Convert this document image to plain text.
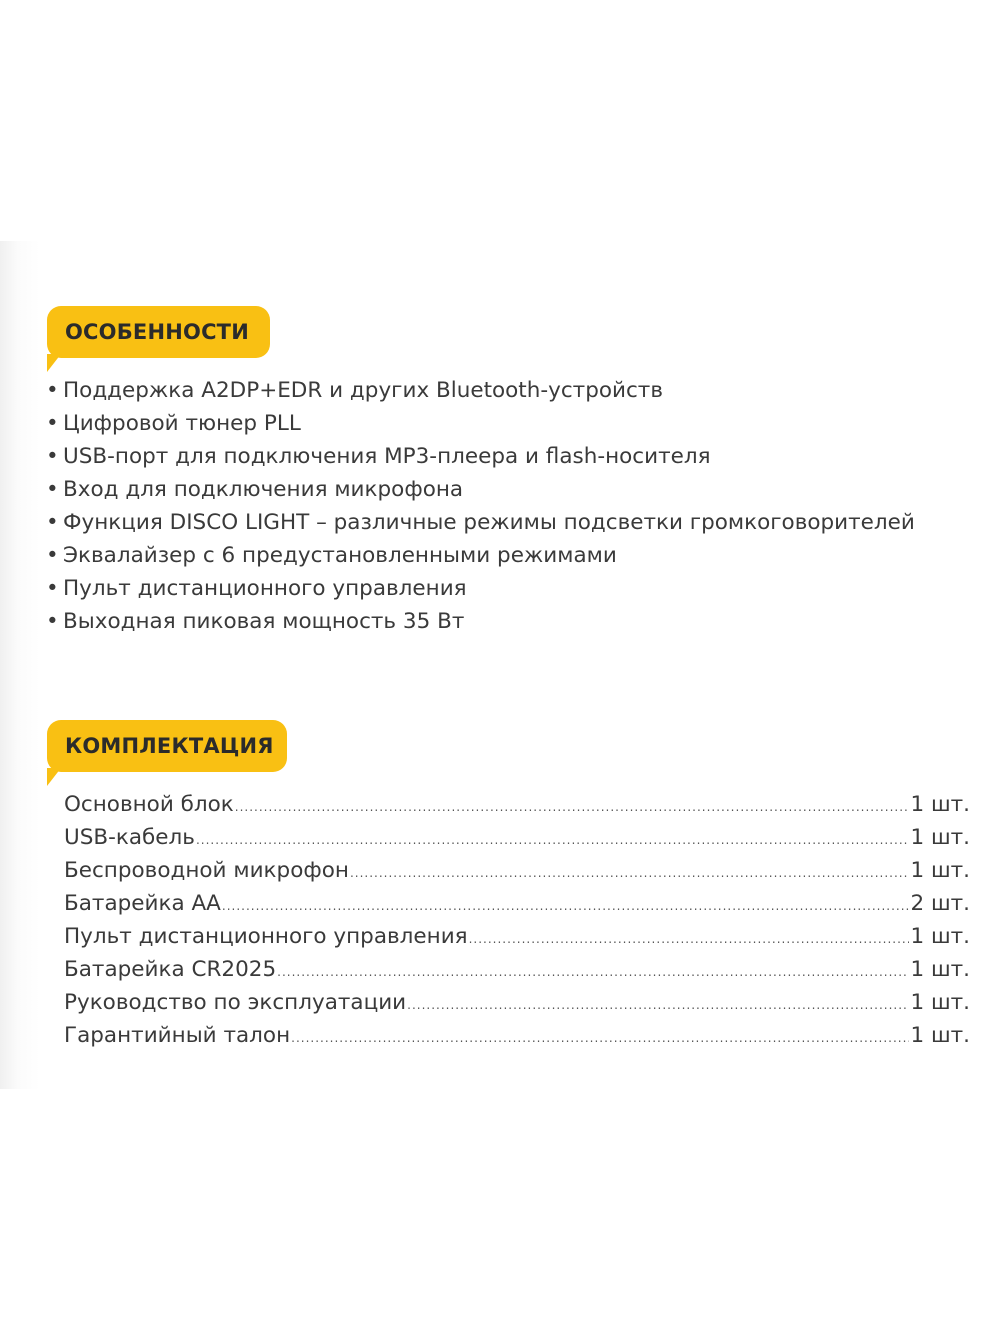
ОСОБЕННОСТИ
• Поддержка A2DP+EDR и других Bluetooth-устройств
• Цифровой тюнер PLL
• USB-порт для подключения MP3-плеера и flash-носителя
• Вход для подключения микрофона
• Функция DISCO LIGHT – различные режимы подсветки громкоговорителей
• Эквалайзер с 6 предустановленными режимами
• Пульт дистанционного управления
• Выходная пиковая мощность 35 Вт
КОМПЛЕКТАЦИЯ
Основной блок .....	1 шт.
USB-кабель .....	1 шт.
Беспроводной микрофон .....	1 шт.
Батарейка АА .....	2 шт.
Пульт дистанционного управления .....	1 шт.
Батарейка CR2025 .....	1 шт.
Руководство по эксплуатации .....	1 шт.
Гарантийный талон .....	1 шт.
